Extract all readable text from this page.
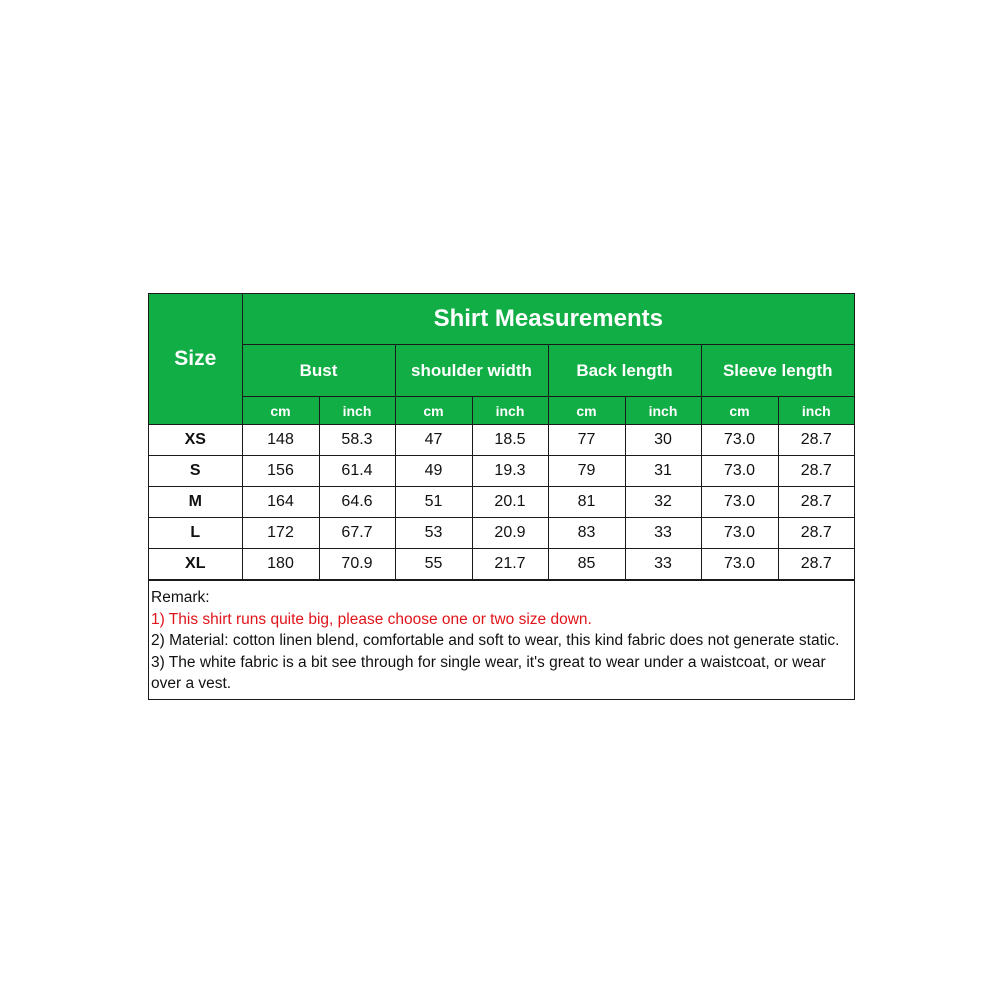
Size	Shirt Measurements							
	Bust		shoulder width		Back length		Sleeve length	
	cm	inch	cm	inch	cm	inch	cm	inch
XS	148	58.3	47	18.5	77	30	73.0	28.7
S	156	61.4	49	19.3	79	31	73.0	28.7
M	164	64.6	51	20.1	81	32	73.0	28.7
L	172	67.7	53	20.9	83	33	73.0	28.7
XL	180	70.9	55	21.7	85	33	73.0	28.7
Remark:
1) This shirt runs quite big, please choose one or two size down.
2) Material: cotton linen blend, comfortable and soft to wear, this kind fabric does not generate static.
3) The white fabric is a bit see through for single wear, it's great to wear under a waistcoat, or wear over a vest.
